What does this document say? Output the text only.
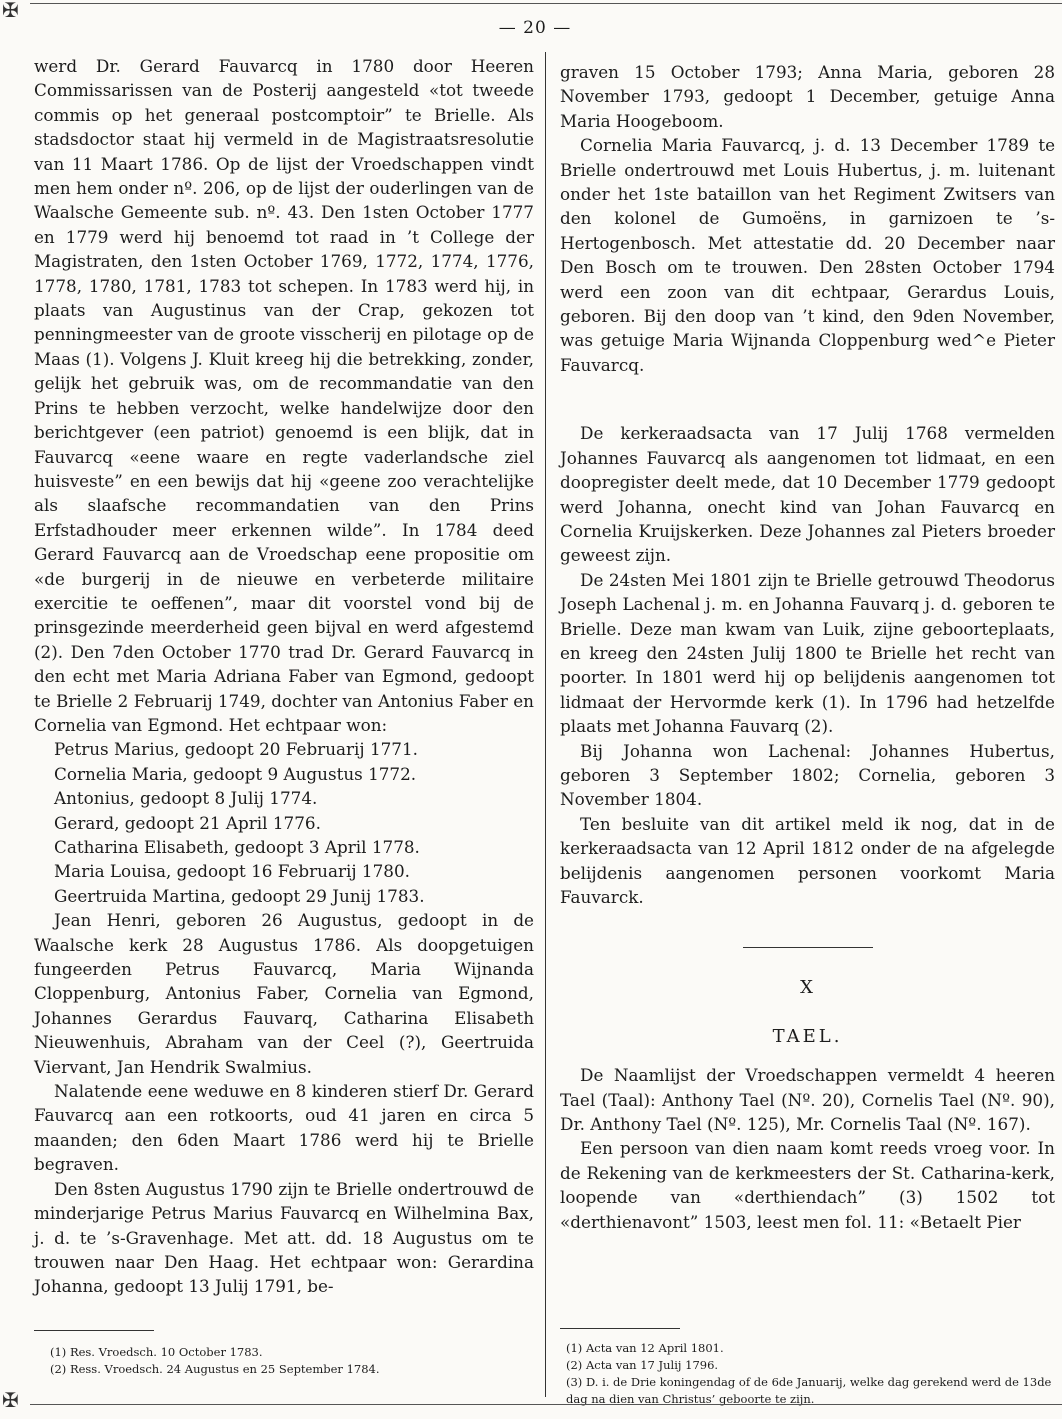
✠
— 20 —

werd Dr. Gerard Fauvarcq in 1780 door Heeren Commissarissen van de Posterij aangesteld «tot tweede commis op het generaal postcomptoir” te Brielle. Als stadsdoctor staat hij vermeld in de Magistraatsresolutie van 11 Maart 1786. Op de lijst der Vroedschappen vindt men hem onder nº. 206, op de lijst der ouderlingen van de Waalsche Gemeente sub. nº. 43. Den 1sten October 1777 en 1779 werd hij benoemd tot raad in ’t College der Magistraten, den 1sten October 1769, 1772, 1774, 1776, 1778, 1780, 1781, 1783 tot schepen. In 1783 werd hij, in plaats van Augustinus van der Crap, gekozen tot penningmeester van de groote visscherij en pilotage op de Maas (1). Volgens J. Kluit kreeg hij die betrekking, zonder, gelijk het gebruik was, om de recommandatie van den Prins te hebben verzocht, welke handelwijze door den berichtgever (een patriot) genoemd is een blijk, dat in Fauvarcq «eene waare en regte vaderlandsche ziel huisveste” en een bewijs dat hij «geene zoo verachtelijke als slaafsche recommandatien van den Prins Erfstadhouder meer erkennen wilde”. In 1784 deed Gerard Fauvarcq aan de Vroedschap eene propositie om «de burgerij in de nieuwe en verbeterde militaire exercitie te oeffenen”, maar dit voorstel vond bij de prinsgezinde meerderheid geen bijval en werd afgestemd (2). Den 7den October 1770 trad Dr. Gerard Fauvarcq in den echt met Maria Adriana Faber van Egmond, gedoopt te Brielle 2 Februarij 1749, dochter van Antonius Faber en Cornelia van Egmond. Het echtpaar won:

Petrus Marius, gedoopt 20 Februarij 1771.

Cornelia Maria, gedoopt 9 Augustus 1772.

Antonius, gedoopt 8 Julij 1774.

Gerard, gedoopt 21 April 1776.

Catharina Elisabeth, gedoopt 3 April 1778.

Maria Louisa, gedoopt 16 Februarij 1780.

Geertruida Martina, gedoopt 29 Junij 1783.

Jean Henri, geboren 26 Augustus, gedoopt in de Waalsche kerk 28 Augustus 1786. Als doopgetuigen fungeerden Petrus Fauvarcq, Maria Wijnanda Cloppenburg, Antonius Faber, Cornelia van Egmond, Johannes Gerardus Fauvarq, Catharina Elisabeth Nieuwenhuis, Abraham van der Ceel (?), Geertruida Viervant, Jan Hendrik Swalmius.

Nalatende eene weduwe en 8 kinderen stierf Dr. Gerard Fauvarcq aan een rotkoorts, oud 41 jaren en circa 5 maanden; den 6den Maart 1786 werd hij te Brielle begraven.

Den 8sten Augustus 1790 zijn te Brielle ondertrouwd de minderjarige Petrus Marius Fauvarcq en Wilhelmina Bax, j. d. te ’s-Gravenhage. Met att. dd. 18 Augustus om te trouwen naar Den Haag. Het echtpaar won: Gerardina Johanna, gedoopt 13 Julij 1791, be-

(1) Res. Vroedsch. 10 October 1783.

(2) Ress. Vroedsch. 24 Augustus en 25 September 1784.

graven 15 October 1793; Anna Maria, geboren 28 November 1793, gedoopt 1 December, getuige Anna Maria Hoogeboom.

Cornelia Maria Fauvarcq, j. d. 13 December 1789 te Brielle ondertrouwd met Louis Hubertus, j. m. luitenant onder het 1ste bataillon van het Regiment Zwitsers van den kolonel de Gumoëns, in garnizoen te ’s-Hertogenbosch. Met attestatie dd. 20 December naar Den Bosch om te trouwen. Den 28sten October 1794 werd een zoon van dit echtpaar, Gerardus Louis, geboren. Bij den doop van ’t kind, den 9den November, was getuige Maria Wijnanda Cloppenburg wed^e Pieter Fauvarcq.

De kerkeraadsacta van 17 Julij 1768 vermelden Johannes Fauvarcq als aangenomen tot lidmaat, en een doopregister deelt mede, dat 10 December 1779 gedoopt werd Johanna, onecht kind van Johan Fauvarcq en Cornelia Kruijskerken. Deze Johannes zal Pieters broeder geweest zijn.

De 24sten Mei 1801 zijn te Brielle getrouwd Theodorus Joseph Lachenal j. m. en Johanna Fauvarq j. d. geboren te Brielle. Deze man kwam van Luik, zijne geboorteplaats, en kreeg den 24sten Julij 1800 te Brielle het recht van poorter. In 1801 werd hij op belijdenis aangenomen tot lidmaat der Hervormde kerk (1). In 1796 had hetzelfde plaats met Johanna Fauvarq (2).

Bij Johanna won Lachenal: Johannes Hubertus, geboren 3 September 1802; Cornelia, geboren 3 November 1804.

Ten besluite van dit artikel meld ik nog, dat in de kerkeraadsacta van 12 April 1812 onder de na afgelegde belijdenis aangenomen personen voorkomt Maria Fauvarck.

X
TAEL.

De Naamlijst der Vroedschappen vermeldt 4 heeren Tael (Taal): Anthony Tael (Nº. 20), Cornelis Tael (Nº. 90), Dr. Anthony Tael (Nº. 125), Mr. Cornelis Taal (Nº. 167).

Een persoon van dien naam komt reeds vroeg voor. In de Rekening van de kerkmeesters der St. Catharina-kerk, loopende van «derthiendach” (3) 1502 tot «derthienavont” 1503, leest men fol. 11: «Betaelt Pier

(1) Acta van 12 April 1801.

(2) Acta van 17 Julij 1796.

(3) D. i. de Drie koningendag of de 6de Januarij, welke dag gerekend werd de 13de dag na dien van Christus’ geboorte te zijn.

✠
